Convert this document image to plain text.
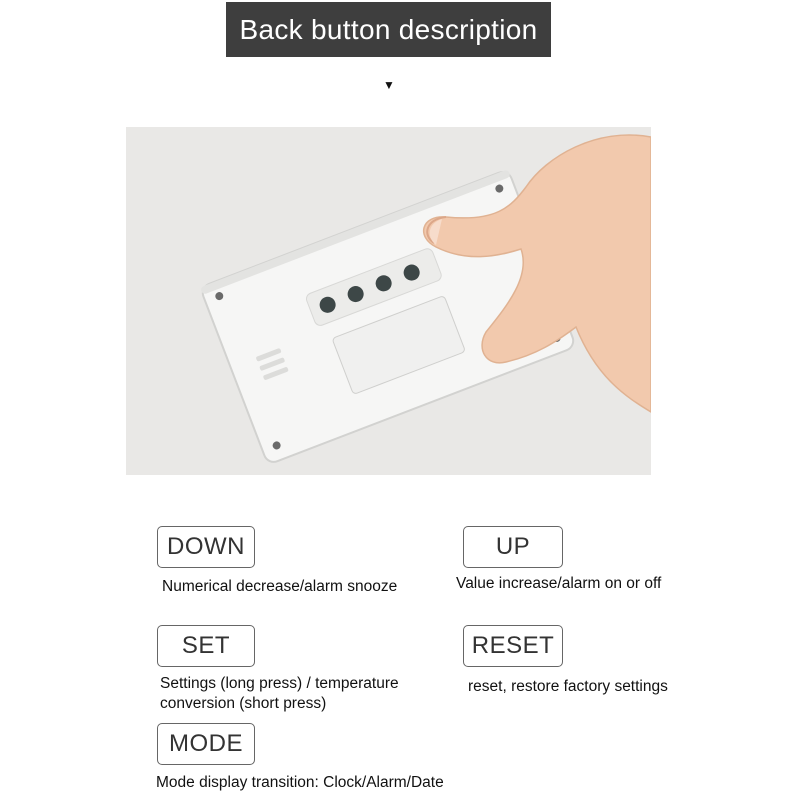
Back button description
▼
DOWN
Numerical decrease/alarm snooze
UP
Value increase/alarm on or off
SET
Settings (long press) / temperature conversion (short press)
RESET
reset, restore factory settings
MODE
Mode display transition: Clock/Alarm/Date
